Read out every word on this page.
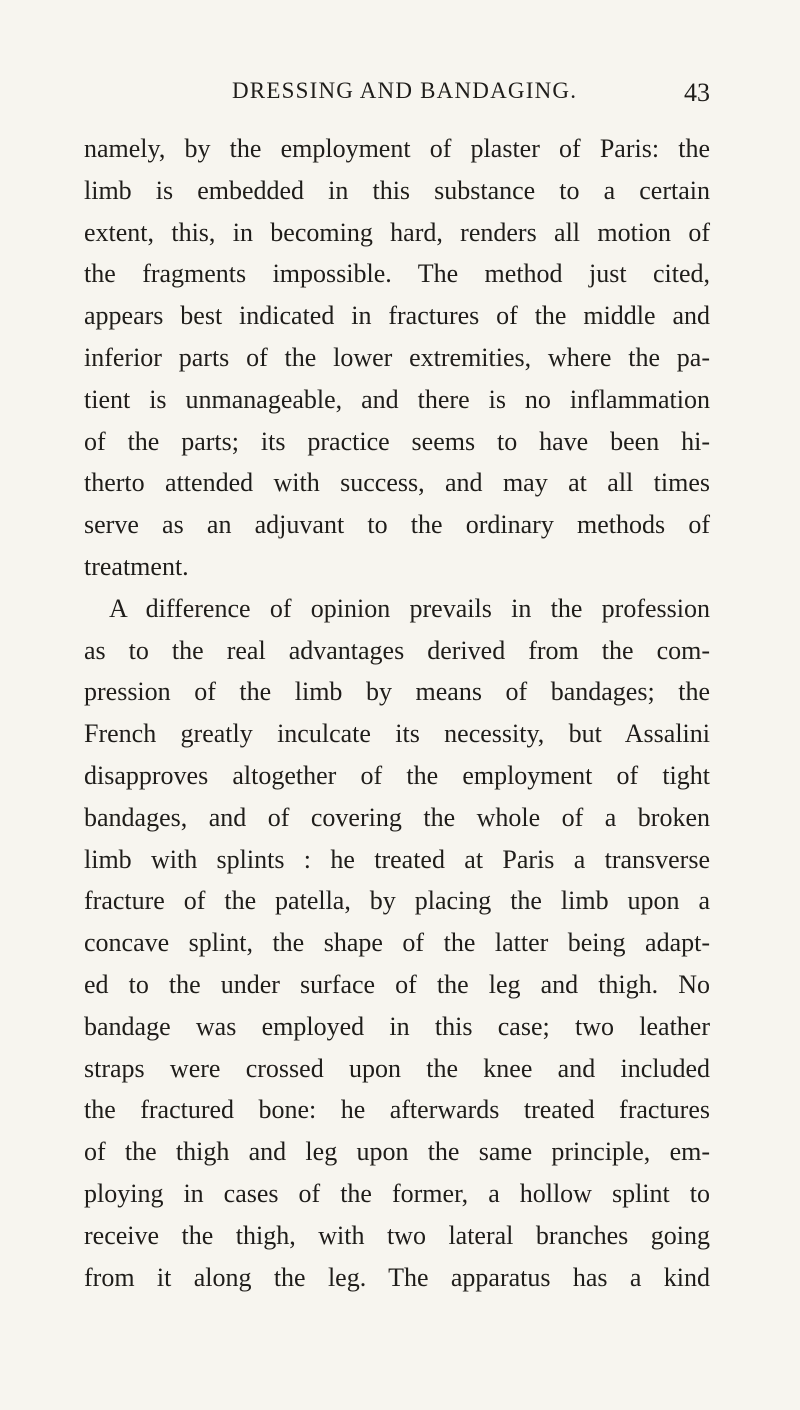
DRESSING AND BANDAGING.	43
namely, by the employment of plaster of Paris: the
limb is embedded in this substance to a certain
extent, this, in becoming hard, renders all motion of
the fragments impossible. The method just cited,
appears best indicated in fractures of the middle and
inferior parts of the lower extremities, where the pa-
tient is unmanageable, and there is no inflammation
of the parts; its practice seems to have been hi-
therto attended with success, and may at all times
serve as an adjuvant to the ordinary methods of
treatment.
A difference of opinion prevails in the profession
as to the real advantages derived from the com-
pression of the limb by means of bandages; the
French greatly inculcate its necessity, but Assalini
disapproves altogether of the employment of tight
bandages, and of covering the whole of a broken
limb with splints : he treated at Paris a transverse
fracture of the patella, by placing the limb upon a
concave splint, the shape of the latter being adapt-
ed to the under surface of the leg and thigh. No
bandage was employed in this case; two leather
straps were crossed upon the knee and included
the fractured bone: he afterwards treated fractures
of the thigh and leg upon the same principle, em-
ploying in cases of the former, a hollow splint to
receive the thigh, with two lateral branches going
from it along the leg. The apparatus has a kind
